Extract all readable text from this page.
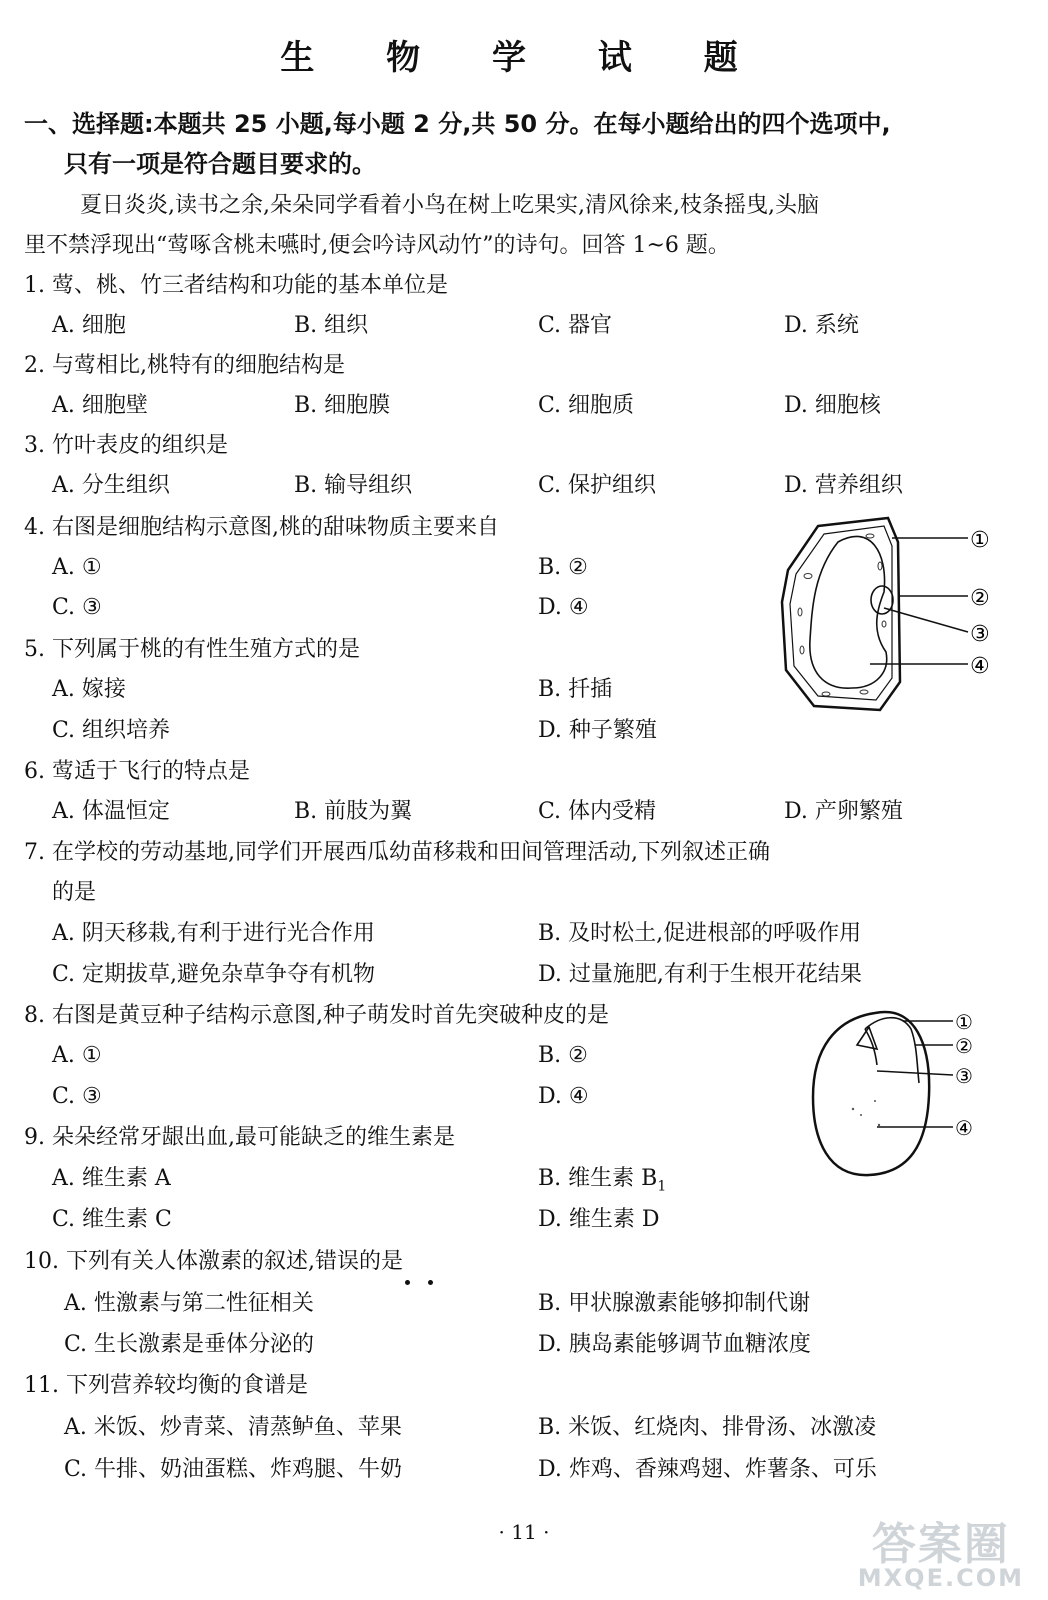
生 物 学 试 题
一、选择题:本题共 25 小题,每小题 2 分,共 50 分。在每小题给出的四个选项中,
只有一项是符合题目要求的。
夏日炎炎,读书之余,朵朵同学看着小鸟在树上吃果实,清风徐来,枝条摇曳,头脑
里不禁浮现出“莺啄含桃未嚥时,便会吟诗风动竹”的诗句。回答 1~6 题。
1. 莺、桃、竹三者结构和功能的基本单位是
A. 细胞	B. 组织	C. 器官	D. 系统
2. 与莺相比,桃特有的细胞结构是
A. 细胞壁	B. 细胞膜	C. 细胞质	D. 细胞核
3. 竹叶表皮的组织是
A. 分生组织	B. 输导组织	C. 保护组织	D. 营养组织
4. 右图是细胞结构示意图,桃的甜味物质主要来自
A. ①	B. ②
C. ③	D. ④
5. 下列属于桃的有性生殖方式的是
A. 嫁接	B. 扦插
C. 组织培养	D. 种子繁殖
6. 莺适于飞行的特点是
A. 体温恒定	B. 前肢为翼	C. 体内受精	D. 产卵繁殖
7. 在学校的劳动基地,同学们开展西瓜幼苗移栽和田间管理活动,下列叙述正确
的是
A. 阴天移栽,有利于进行光合作用	B. 及时松土,促进根部的呼吸作用
C. 定期拔草,避免杂草争夺有机物	D. 过量施肥,有利于生根开花结果
8. 右图是黄豆种子结构示意图,种子萌发时首先突破种皮的是
A. ①	B. ②
C. ③	D. ④
9. 朵朵经常牙龈出血,最可能缺乏的维生素是
A. 维生素 A	B. 维生素 $B_1$
C. 维生素 C	D. 维生素 D
10. 下列有关人体激素的叙述,错误的是
A. 性激素与第二性征相关	B. 甲状腺激素能够抑制代谢
C. 生长激素是垂体分泌的	D. 胰岛素能够调节血糖浓度
11. 下列营养较均衡的食谱是
A. 米饭、炒青菜、清蒸鲈鱼、苹果	B. 米饭、红烧肉、排骨汤、冰激凌
C. 牛排、奶油蛋糕、炸鸡腿、牛奶	D. 炸鸡、香辣鸡翅、炸薯条、可乐
①
②
③
④
①
②
③
④
· 11 ·	答案圈
MXQE.COM
